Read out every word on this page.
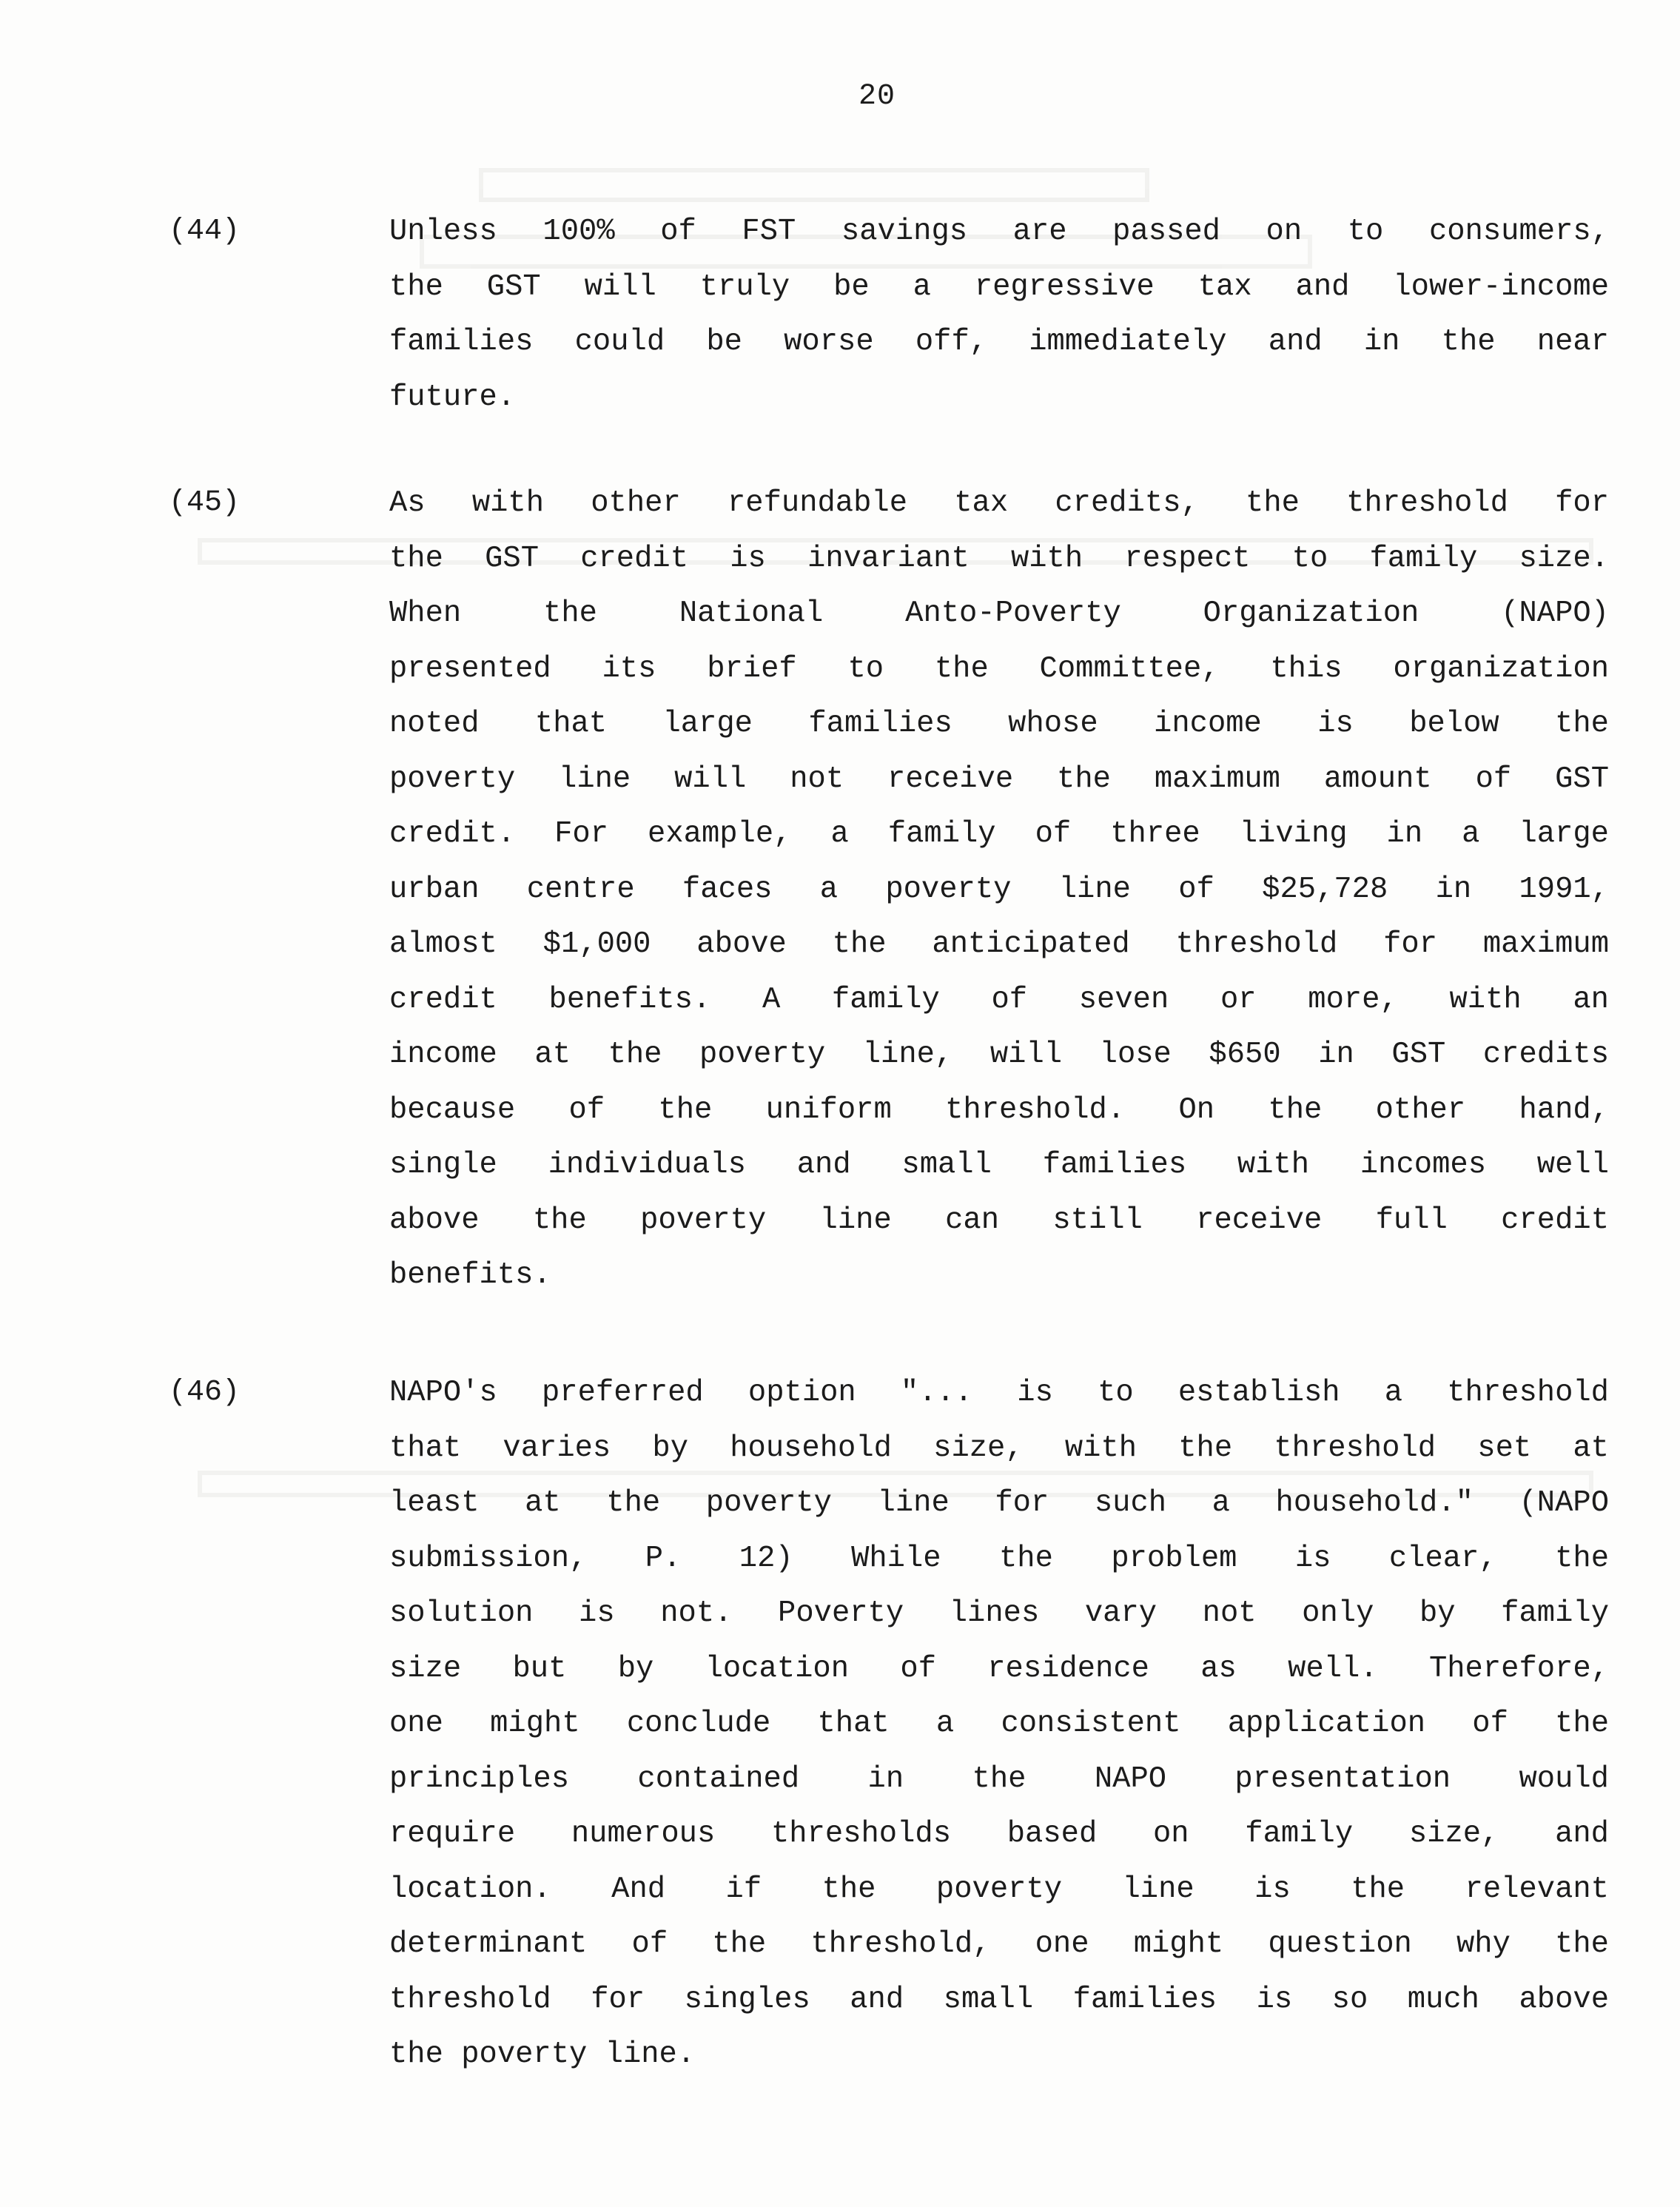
20
(44)	Unless 100% of FST savings are passed on to consumers,
the GST will truly be a regressive tax and lower-income
families could be worse off, immediately and in the near
future.
(45)	As with other refundable tax credits, the threshold for
the GST credit is invariant with respect to family size.
When the National Anto-Poverty Organization (NAPO)
presented its brief to the Committee, this organization
noted that large families whose income is below the
poverty line will not receive the maximum amount of GST
credit. For example, a family of three living in a large
urban centre faces a poverty line of $25,728 in 1991,
almost $1,000 above the anticipated threshold for maximum
credit benefits. A family of seven or more, with an
income at the poverty line, will lose $650 in GST credits
because of the uniform threshold. On the other hand,
single individuals and small families with incomes well
above the poverty line can still receive full credit
benefits.
(46)	NAPO's preferred option "... is to establish a threshold
that varies by household size, with the threshold set at
least at the poverty line for such a household." (NAPO
submission, P. 12) While the problem is clear, the
solution is not. Poverty lines vary not only by family
size but by location of residence as well. Therefore,
one might conclude that a consistent application of the
principles contained in the NAPO presentation would
require numerous thresholds based on family size, and
location. And if the poverty line is the relevant
determinant of the threshold, one might question why the
threshold for singles and small families is so much above
the poverty line.
